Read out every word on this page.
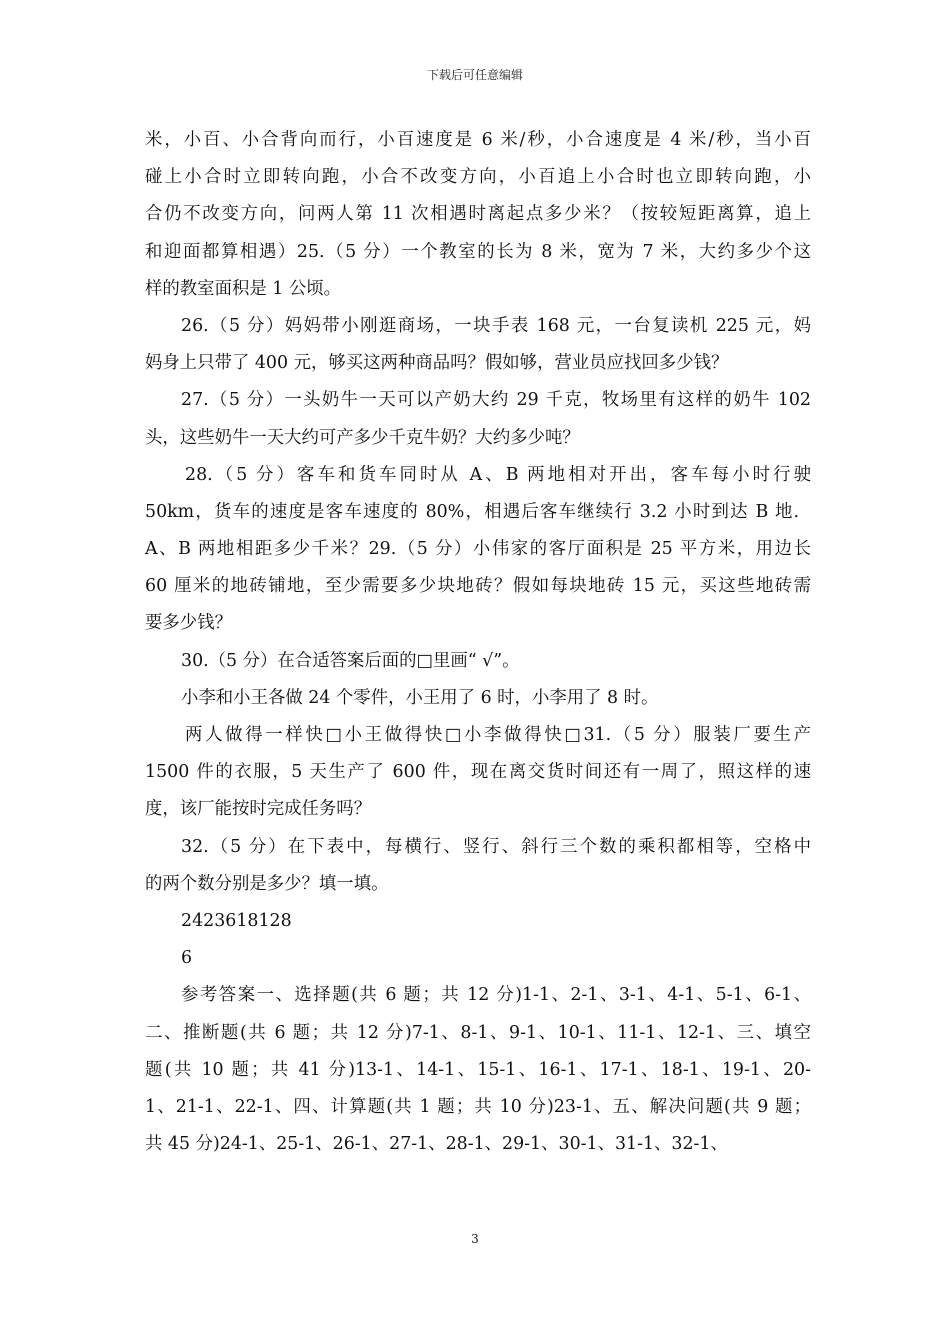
下载后可任意编辑
米，小百、小合背向而行，小百速度是 6 米/秒，小合速度是 4 米/秒，当小百
碰上小合时立即转向跑，小合不改变方向，小百追上小合时也立即转向跑，小
合仍不改变方向，问两人第 11 次相遇时离起点多少米？（按较短距离算，追上
和迎面都算相遇）25.（5 分）一个教室的长为 8 米，宽为 7 米，大约多少个这
样的教室面积是 1 公顷。
26.（5 分）妈妈带小刚逛商场，一块手表 168 元，一台复读机 225 元，妈
妈身上只带了 400 元，够买这两种商品吗？假如够，营业员应找回多少钱？
27.（5 分）一头奶牛一天可以产奶大约 29 千克，牧场里有这样的奶牛 102
头，这些奶牛一天大约可产多少千克牛奶？大约多少吨？
28.（5 分）客车和货车同时从 A、B 两地相对开出，客车每小时行驶
50km，货车的速度是客车速度的 80%，相遇后客车继续行 3.2 小时到达 B 地．
A、B 两地相距多少千米？29.（5 分）小伟家的客厅面积是 25 平方米，用边长
60 厘米的地砖铺地，至少需要多少块地砖？假如每块地砖 15 元，买这些地砖需
要多少钱？
30.（5 分）在合适答案后面的□里画“ √”。
小李和小王各做 24 个零件，小王用了 6 时，小李用了 8 时。
两人做得一样快□小王做得快□小李做得快□31.（5 分）服装厂要生产
1500 件的衣服，5 天生产了 600 件，现在离交货时间还有一周了，照这样的速
度，该厂能按时完成任务吗？
32.（5 分）在下表中，每横行、竖行、斜行三个数的乘积都相等，空格中
的两个数分别是多少？填一填。
2423618128
6
参考答案一、选择题(共 6 题；共 12 分)1-1、2-1、3-1、4-1、5-1、6-1、
二、推断题(共 6 题；共 12 分)7-1、8-1、9-1、10-1、11-1、12-1、三、填空
题(共 10 题；共 41 分)13-1、14-1、15-1、16-1、17-1、18-1、19-1、20-
1、21-1、22-1、四、计算题(共 1 题；共 10 分)23-1、五、解决问题(共 9 题；
共 45 分)24-1、25-1、26-1、27-1、28-1、29-1、30-1、31-1、32-1、
3
